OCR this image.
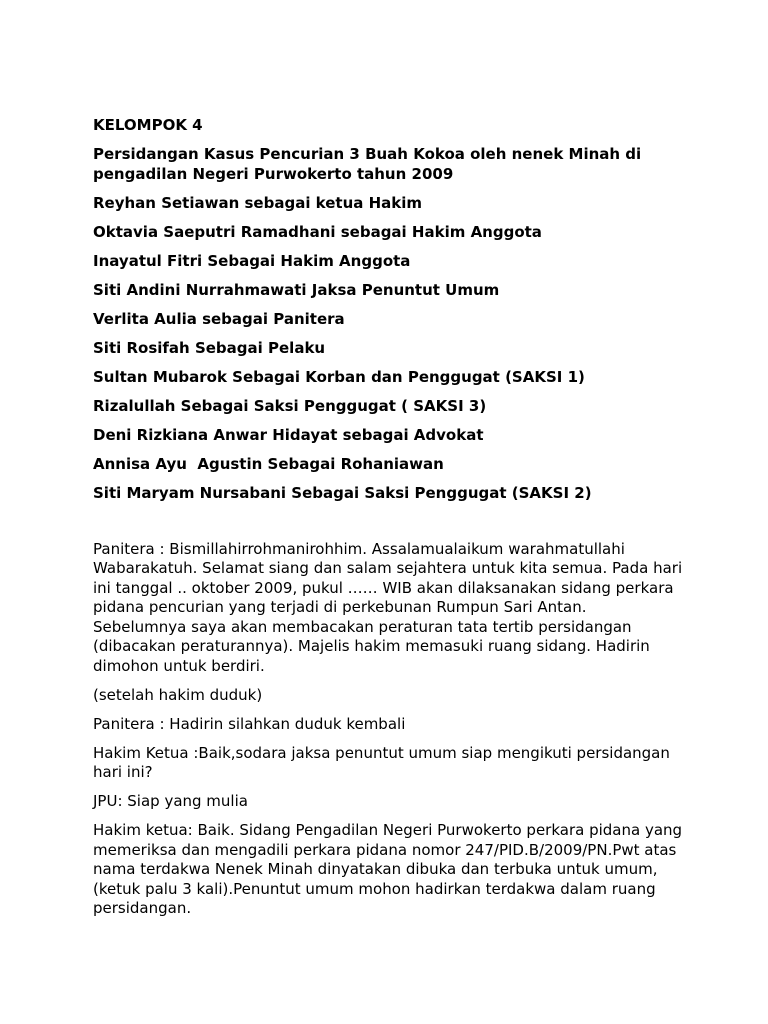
KELOMPOK 4
Persidangan Kasus Pencurian 3 Buah Kokoa oleh nenek Minah di pengadilan Negeri Purwokerto tahun 2009
Reyhan Setiawan sebagai ketua Hakim
Oktavia Saeputri Ramadhani sebagai Hakim Anggota
Inayatul Fitri Sebagai Hakim Anggota
Siti Andini Nurrahmawati Jaksa Penuntut Umum
Verlita Aulia sebagai Panitera
Siti Rosifah Sebagai Pelaku
Sultan Mubarok Sebagai Korban dan Penggugat (SAKSI 1)
Rizalullah Sebagai Saksi Penggugat ( SAKSI 3)
Deni Rizkiana Anwar Hidayat sebagai Advokat
Annisa Ayu  Agustin Sebagai Rohaniawan
Siti Maryam Nursabani Sebagai Saksi Penggugat (SAKSI 2)
Panitera : Bismillahirrohmanirohhim. Assalamualaikum warahmatullahi Wabarakatuh. Selamat siang dan salam sejahtera untuk kita semua. Pada hari ini tanggal .. oktober 2009, pukul …… WIB akan dilaksanakan sidang perkara pidana pencurian yang terjadi di perkebunan Rumpun Sari Antan. Sebelumnya saya akan membacakan peraturan tata tertib persidangan (dibacakan peraturannya). Majelis hakim memasuki ruang sidang. Hadirin dimohon untuk berdiri.
(setelah hakim duduk)
Panitera : Hadirin silahkan duduk kembali
Hakim Ketua :Baik,sodara jaksa penuntut umum siap mengikuti persidangan hari ini?
JPU: Siap yang mulia
Hakim ketua: Baik. Sidang Pengadilan Negeri Purwokerto perkara pidana yang memeriksa dan mengadili perkara pidana nomor 247/PID.B/2009/PN.Pwt atas nama terdakwa Nenek Minah dinyatakan dibuka dan terbuka untuk umum, (ketuk palu 3 kali).Penuntut umum mohon hadirkan terdakwa dalam ruang persidangan.
